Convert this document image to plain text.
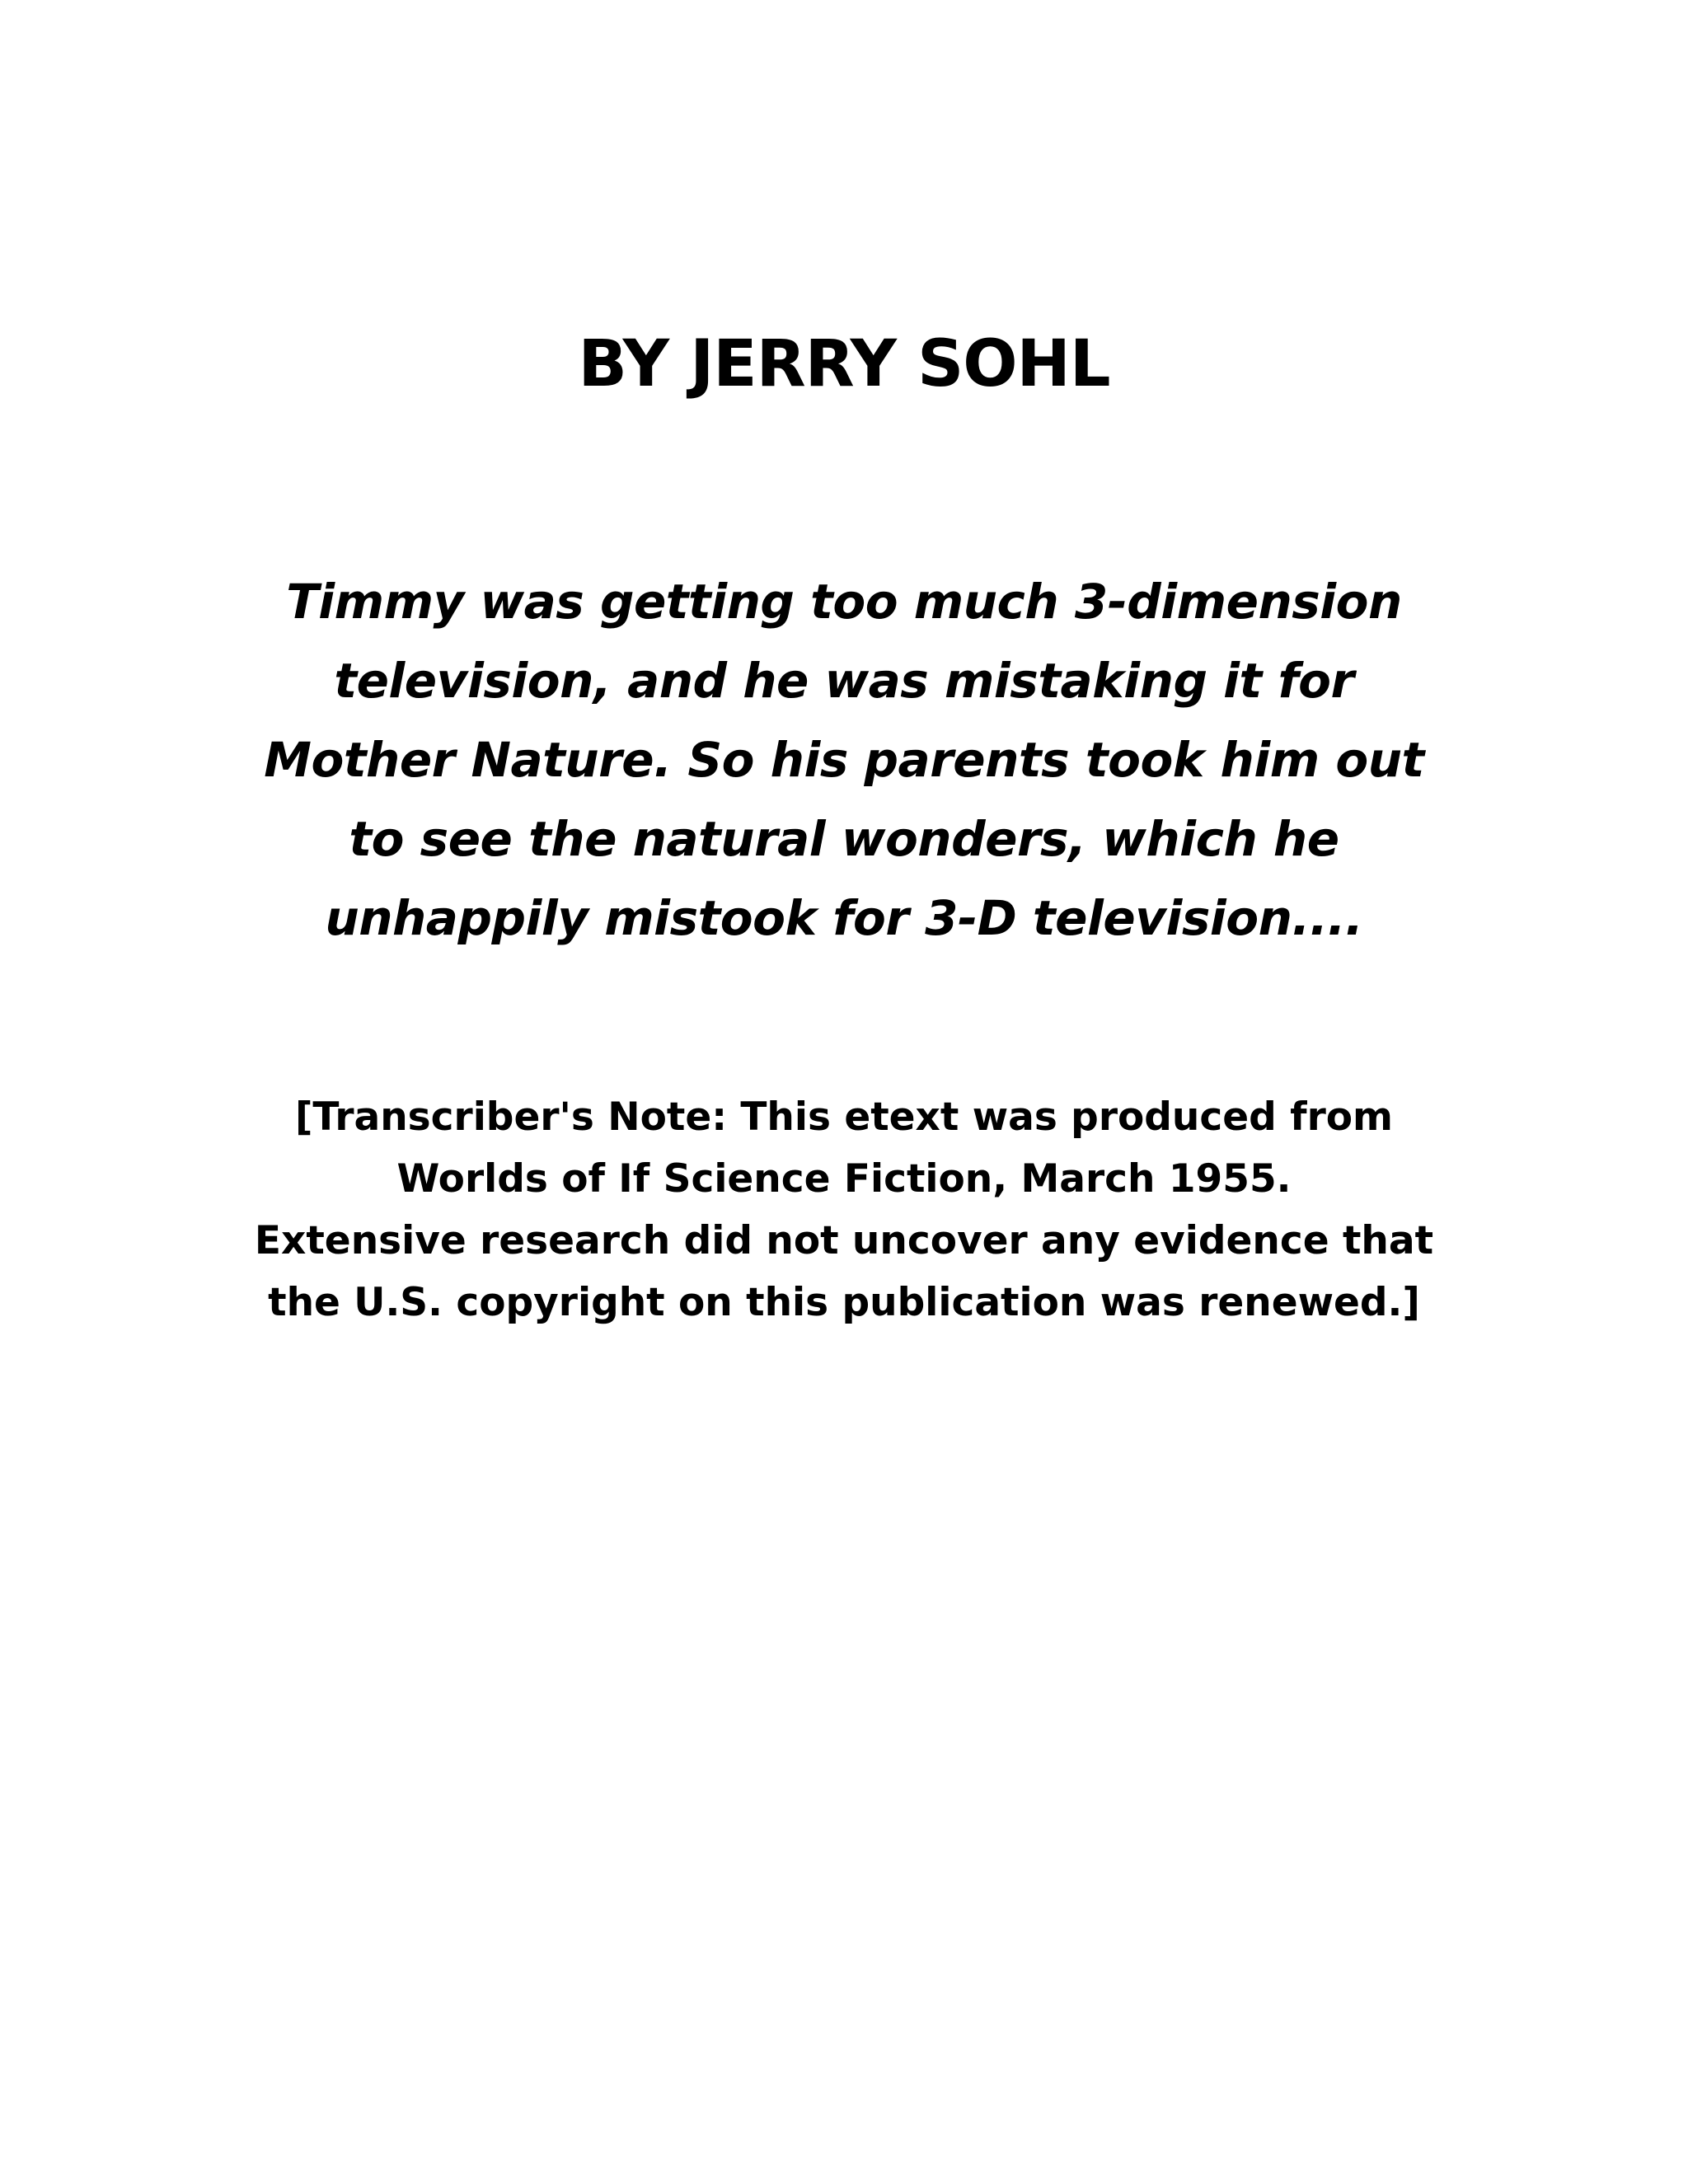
BY JERRY SOHL
Timmy was getting too much 3-dimension
television, and he was mistaking it for
Mother Nature. So his parents took him out
to see the natural wonders, which he
unhappily mistook for 3-D television....
[Transcriber's Note: This etext was produced from
Worlds of If Science Fiction, March 1955.
Extensive research did not uncover any evidence that
the U.S. copyright on this publication was renewed.]
